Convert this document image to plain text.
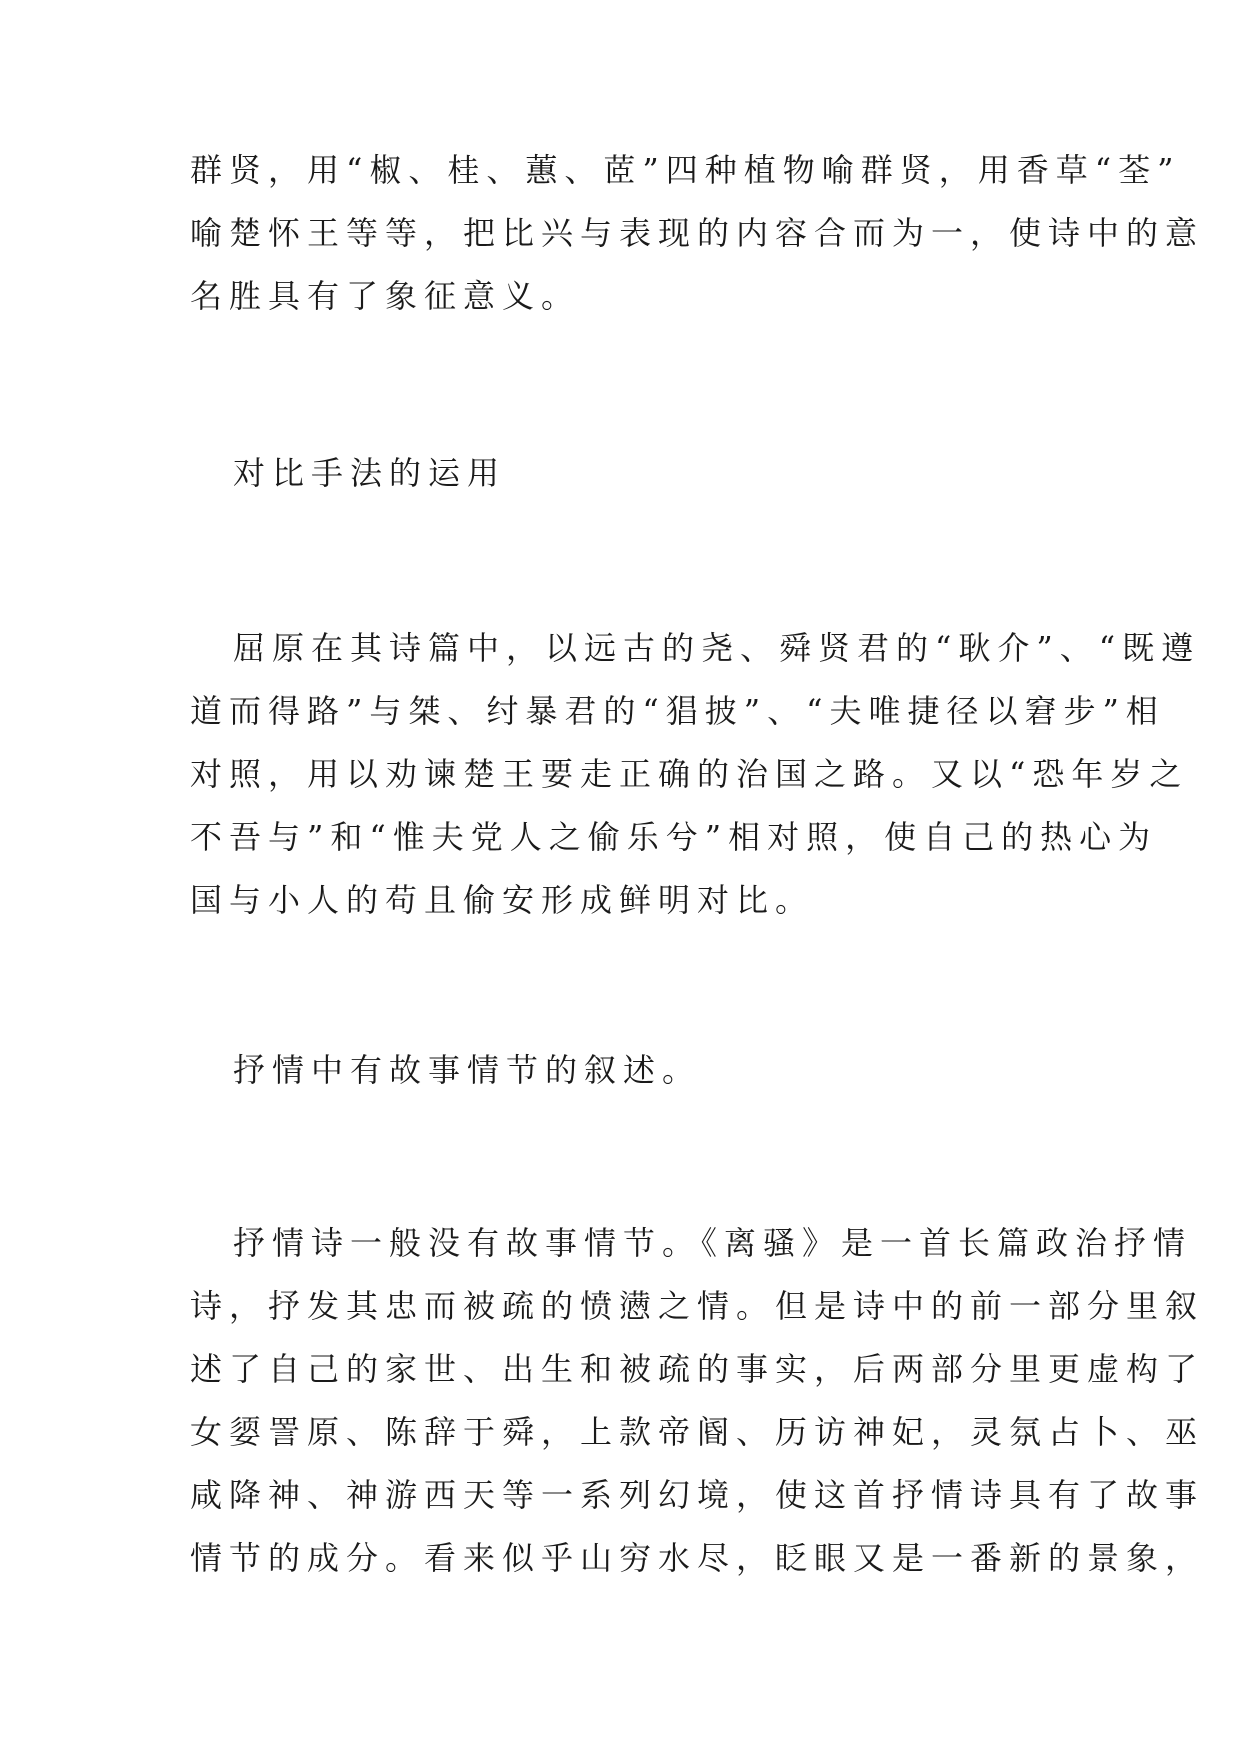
群贤，用“椒、桂、蕙、茝”四种植物喻群贤，用香草“荃”
喻楚怀王等等，把比兴与表现的内容合而为一，使诗中的意
名胜具有了象征意义。
对比手法的运用
屈原在其诗篇中，以远古的尧、舜贤君的“耿介”、“既遵
道而得路”与桀、纣暴君的“猖披”、“夫唯捷径以窘步”相
对照，用以劝谏楚王要走正确的治国之路。又以“恐年岁之
不吾与”和“惟夫党人之偷乐兮”相对照，使自己的热心为
国与小人的苟且偷安形成鲜明对比。
抒情中有故事情节的叙述。
抒情诗一般没有故事情节。《离骚》是一首长篇政治抒情
诗，抒发其忠而被疏的愤懑之情。但是诗中的前一部分里叙
述了自己的家世、出生和被疏的事实，后两部分里更虚构了
女媭詈原、陈辞于舜，上款帝阍、历访神妃，灵氛占卜、巫
咸降神、神游西天等一系列幻境，使这首抒情诗具有了故事
情节的成分。看来似乎山穷水尽，眨眼又是一番新的景象，
